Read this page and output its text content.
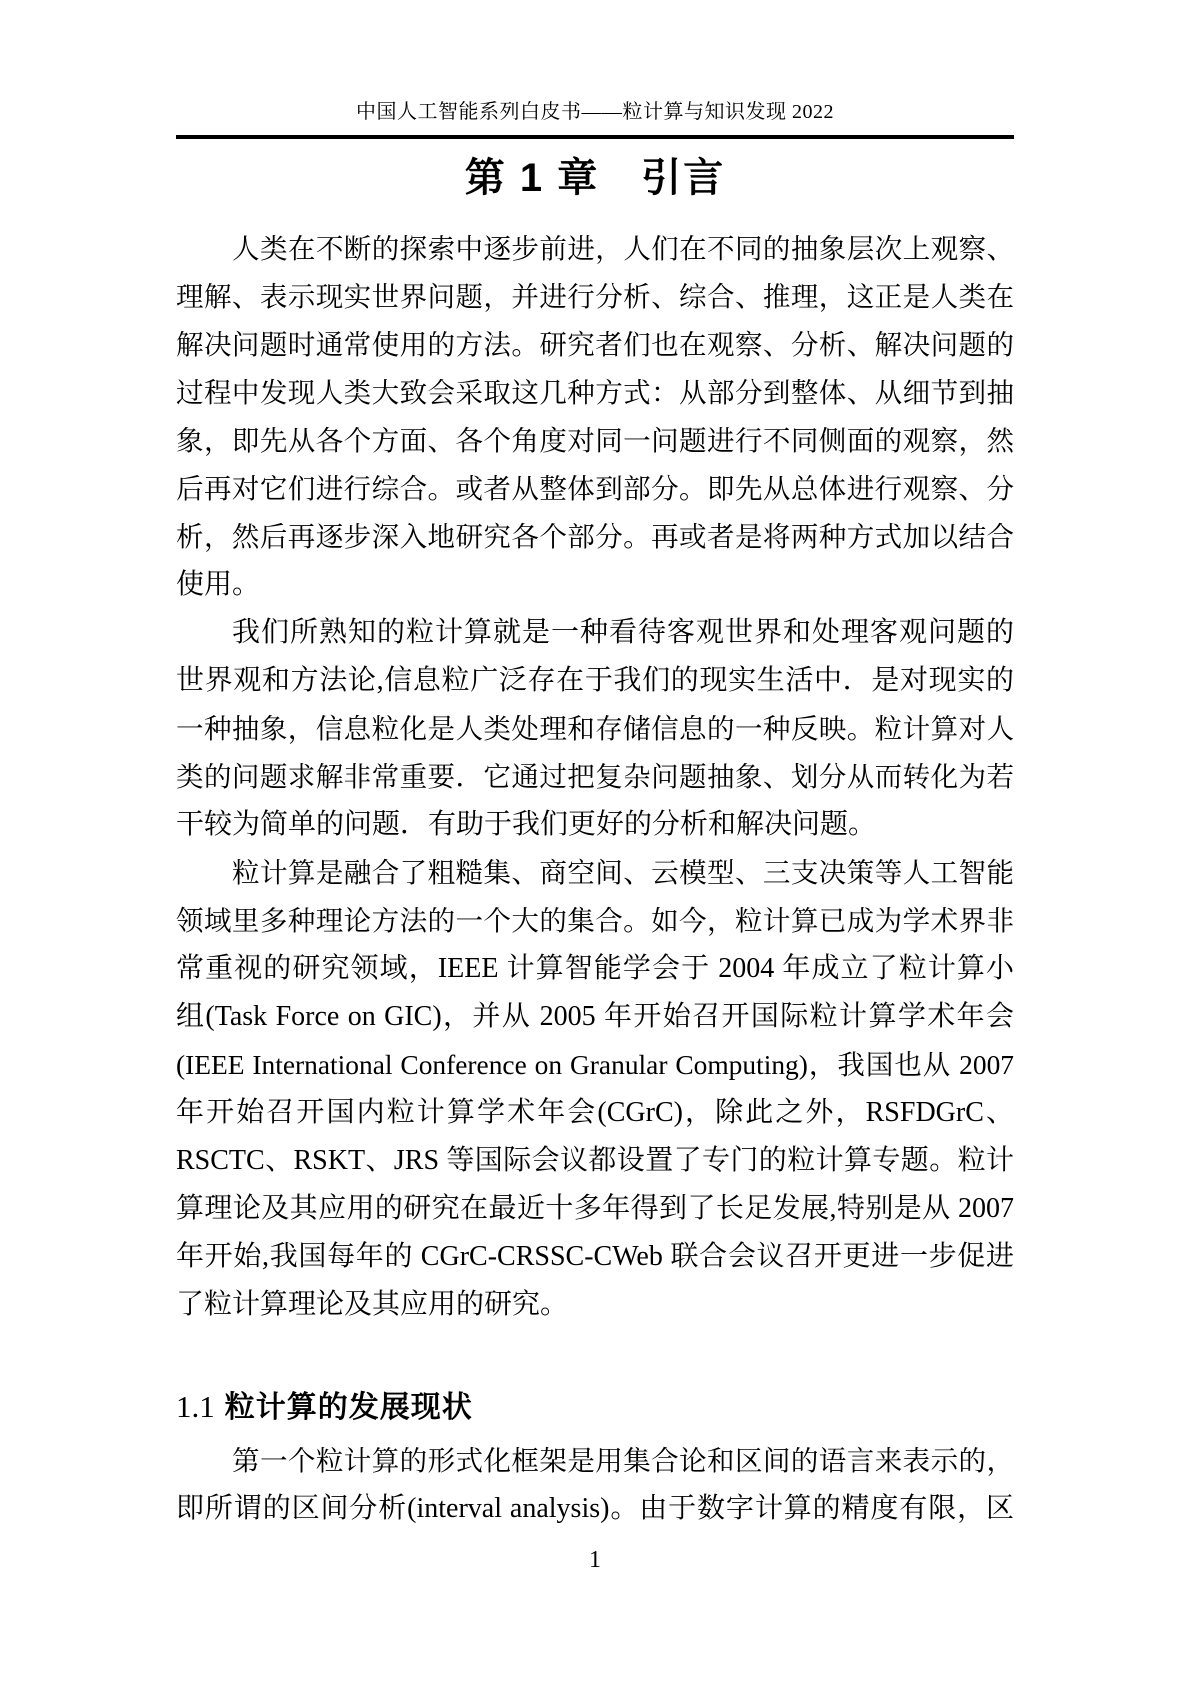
中国人工智能系列白皮书——粒计算与知识发现 2022
第 1 章　引言
人类在不断的探索中逐步前进，人们在不同的抽象层次上观察、
理解、表示现实世界问题，并进行分析、综合、推理，这正是人类在
解决问题时通常使用的方法。研究者们也在观察、分析、解决问题的
过程中发现人类大致会采取这几种方式：从部分到整体、从细节到抽
象，即先从各个方面、各个角度对同一问题进行不同侧面的观察，然
后再对它们进行综合。或者从整体到部分。即先从总体进行观察、分
析，然后再逐步深入地研究各个部分。再或者是将两种方式加以结合
使用。
我们所熟知的粒计算就是一种看待客观世界和处理客观问题的
世界观和方法论,信息粒广泛存在于我们的现实生活中．是对现实的
一种抽象，信息粒化是人类处理和存储信息的一种反映。粒计算对人
类的问题求解非常重要．它通过把复杂问题抽象、划分从而转化为若
干较为简单的问题．有助于我们更好的分析和解决问题。
粒计算是融合了粗糙集、商空间、云模型、三支决策等人工智能
领域里多种理论方法的一个大的集合。如今，粒计算已成为学术界非
常重视的研究领域，IEEE 计算智能学会于 2004 年成立了粒计算小
组(Task Force on GIC)，并从 2005 年开始召开国际粒计算学术年会
(IEEE International Conference on Granular Computing)，我国也从 2007
年开始召开国内粒计算学术年会(CGrC)，除此之外，RSFDGrC、
RSCTC、RSKT、JRS 等国际会议都设置了专门的粒计算专题。粒计
算理论及其应用的研究在最近十多年得到了长足发展,特别是从 2007
年开始,我国每年的 CGrC-CRSSC-CWeb 联合会议召开更进一步促进
了粒计算理论及其应用的研究。
1.1 粒计算的发展现状
第一个粒计算的形式化框架是用集合论和区间的语言来表示的，
即所谓的区间分析(interval analysis)。由于数字计算的精度有限，区
1
